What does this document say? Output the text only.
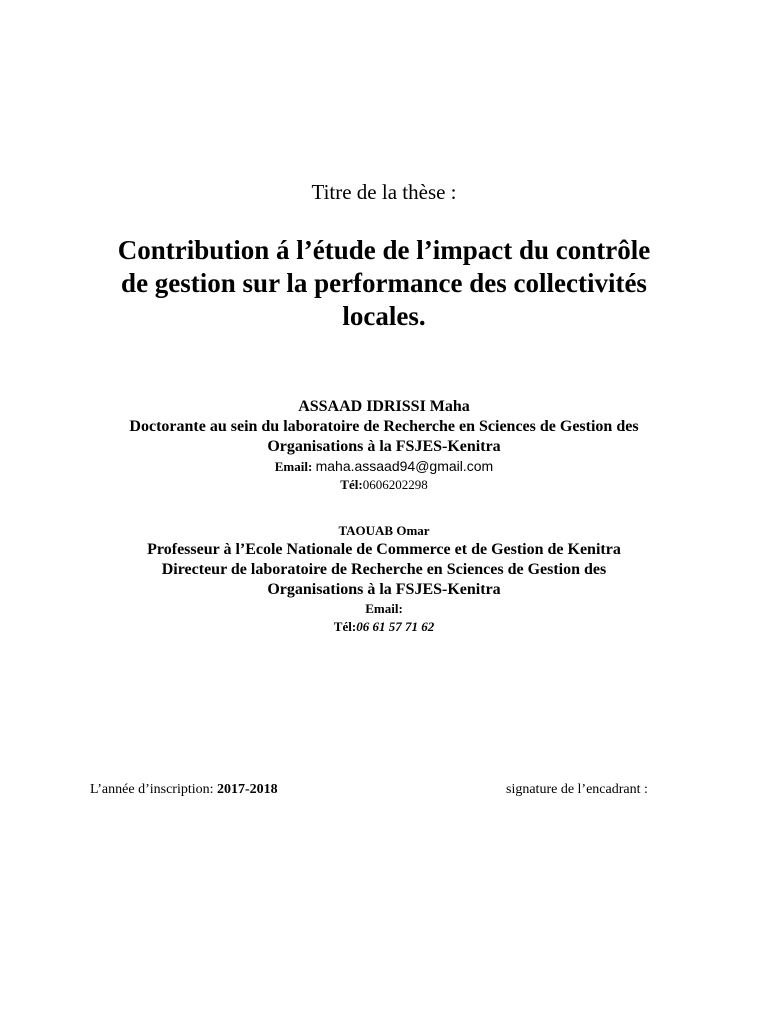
Titre de la thèse :
Contribution á l’étude de l’impact du contrôle
de gestion sur la performance des collectivités
locales.
ASSAAD IDRISSI Maha
Doctorante au sein du laboratoire de Recherche en Sciences de Gestion des
Organisations à la FSJES-Kenitra
Email: maha.assaad94@gmail.com
Tél:0606202298
TAOUAB Omar
Professeur à l’Ecole Nationale de Commerce et de Gestion de Kenitra
Directeur de laboratoire de Recherche en Sciences de Gestion des
Organisations à la FSJES-Kenitra
Email:
Tél:06 61 57 71 62
L’année d’inscription: 2017-2018	signature de l’encadrant :
